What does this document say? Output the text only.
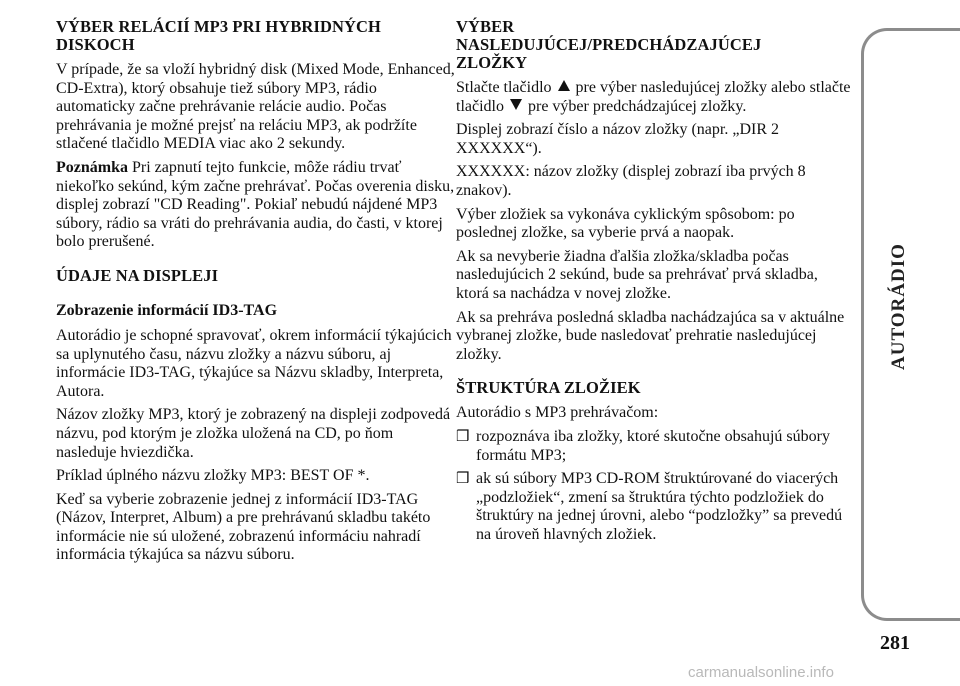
VÝBER RELÁCIÍ MP3 PRI HYBRIDNÝCH DISKOCH

V prípade, že sa vloží hybridný disk (Mixed Mode, Enhanced, CD-Extra), ktorý obsahuje tiež súbory MP3, rádio automaticky začne prehrávanie relácie audio. Počas prehrávania je možné prejsť na reláciu MP3, ak podržíte stlačené tlačidlo MEDIA viac ako 2 sekundy.

Poznámka Pri zapnutí tejto funkcie, môže rádiu trvať niekoľko sekúnd, kým začne prehrávať. Počas overenia disku, displej zobrazí "CD Reading". Pokiaľ nebudú nájdené MP3 súbory, rádio sa vráti do prehrávania audia, do časti, v ktorej bolo prerušené.

ÚDAJE NA DISPLEJI
Zobrazenie informácií ID3-TAG

Autorádio je schopné spravovať, okrem informácií týkajúcich sa uplynutého času, názvu zložky a názvu súboru, aj informácie ID3-TAG, týkajúce sa Názvu skladby, Interpreta, Autora.

Názov zložky MP3, ktorý je zobrazený na displeji zodpovedá názvu, pod ktorým je zložka uložená na CD, po ňom nasleduje hviezdička.

Príklad úplného názvu zložky MP3: BEST OF *.

Keď sa vyberie zobrazenie jednej z informácií ID3-TAG (Názov, Interpret, Album) a pre prehrávanú skladbu takéto informácie nie sú uložené, zobrazenú informáciu nahradí informácia týkajúca sa názvu súboru.

VÝBER NASLEDUJÚCEJ/PREDCHÁDZAJÚCEJ ZLOŽKY

Stlačte tlačidlo pre výber nasledujúcej zložky alebo stlačte tlačidlo pre výber predchádzajúcej zložky.

Displej zobrazí číslo a názov zložky (napr. „DIR 2 XXXXXX“).

XXXXXX: názov zložky (displej zobrazí iba prvých 8 znakov).

Výber zložiek sa vykonáva cyklickým spôsobom: po poslednej zložke, sa vyberie prvá a naopak.

Ak sa nevyberie žiadna ďalšia zložka/skladba počas nasledujúcich 2 sekúnd, bude sa prehrávať prvá skladba, ktorá sa nachádza v novej zložke.

Ak sa prehráva posledná skladba nachádzajúca sa v aktuálne vybranej zložke, bude nasledovať prehratie nasledujúcej zložky.

ŠTRUKTÚRA ZLOŽIEK

Autorádio s MP3 prehrávačom:

❒ rozpoznáva iba zložky, ktoré skutočne obsahujú súbory formátu MP3;
❒ ak sú súbory MP3 CD-ROM štruktúrované do viacerých „podzložiek“, zmení sa štruktúra týchto podzložiek do štruktúry na jednej úrovni, alebo “podzložky” sa prevedú na úroveň hlavných zložiek.
AUTORÁDIO
281
carmanualsonline.info
